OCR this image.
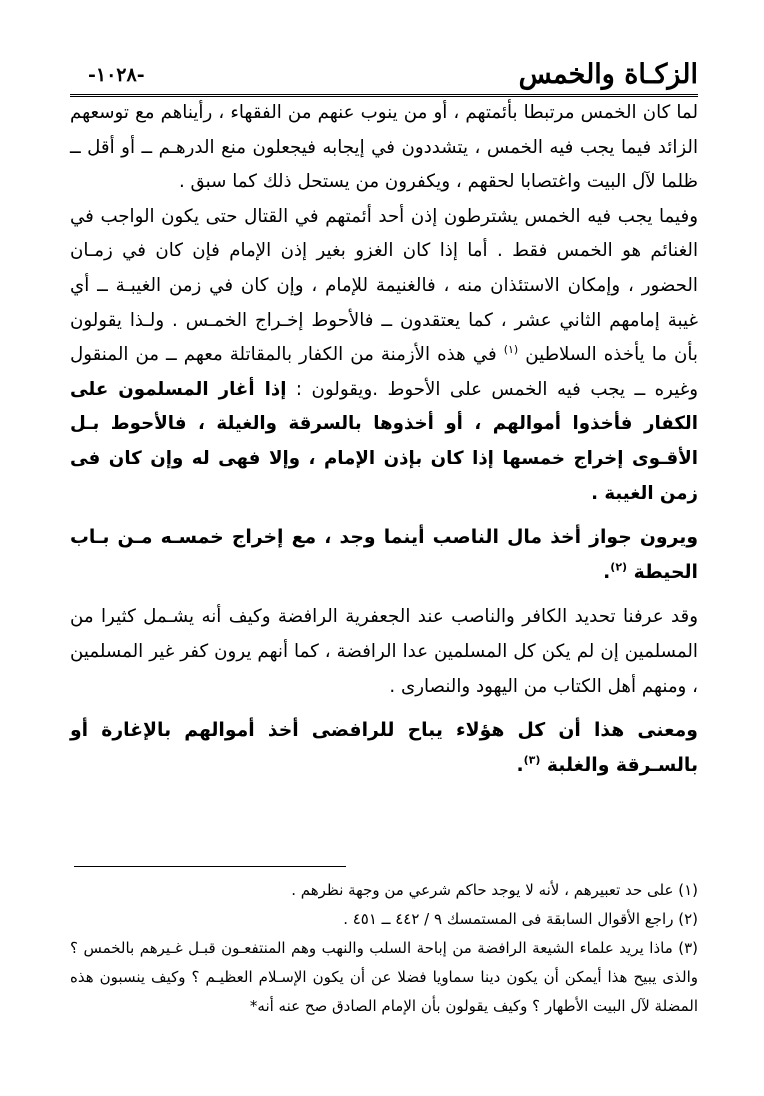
الزكـاة والخمس
-١٠٢٨-

لما كان الخمس مرتبطا بأئمتهم ، أو من ينوب عنهم من الفقهاء ، رأيناهم مع توسعهم الزائد فيما يجب فيه الخمس ، يتشددون في إيجابه فيجعلون منع الدرهـم ــ أو أقل ــ ظلما لآل البيت واغتصابا لحقهم ، ويكفرون من يستحل ذلك كما سبق .

وفيما يجب فيه الخمس يشترطون إذن أحد أئمتهم في القتال حتى يكون الواجب في الغنائم هو الخمس فقط . أما إذا كان الغزو بغير إذن الإمام فإن كان في زمـان الحضور ، وإمكان الاستئذان منه ، فالغنيمة للإمام ، وإن كان في زمن الغيبـة ــ أي غيبة إمامهم الثاني عشر ، كما يعتقدون ــ فالأحوط إخـراج الخمـس . ولـذا يقولون بأن ما يأخذه السلاطين $^{(١)}$ في هذه الأزمنة من الكفار بالمقاتلة معهم ــ من المنقول وغيره ــ يجب فيه الخمس على الأحوط .ويقولون : إذا أغار المسلمون على الكفار فأخذوا أموالهم ، أو أخذوها بالسرقة والغيلة ، فالأحوط بـل الأقـوى إخراج خمسها إذا كان بإذن الإمام ، وإلا فهى له وإن كان فى زمن الغيبة .

ويرون جواز أخذ مال الناصب أينما وجد ، مع إخراج خمسـه مـن بـاب الحيطة $^{(٢)}$.

وقد عرفنا تحديد الكافر والناصب عند الجعفرية الرافضة وكيف أنه يشـمل كثيرا من المسلمين إن لم يكن كل المسلمين عدا الرافضة ، كما أنهم يرون كفر غير المسلمين ، ومنهم أهل الكتاب من اليهود والنصارى .

ومعنى هذا أن كل هؤلاء يباح للرافضى أخذ أموالهم بالإغارة أو بالسـرقة والغلبة $^{(٣)}$.

(١) على حد تعبيرهم ، لأنه لا يوجد حاكم شرعي من وجهة نظرهم .

(٢) راجع الأقوال السابقة فى المستمسك ٩ / ٤٤٢ ــ ٤٥١ .

(٣) ماذا يريد علماء الشيعة الرافضة من إباحة السلب والنهب وهم المنتفعـون قبـل غـيرهم بالخمس ؟ والذى يبيح هذا أيمكن أن يكون دينا سماويا فضلا عن أن يكون الإسـلام العظيـم ؟ وكيف ينسبون هذه المضلة لآل البيت الأطهار ؟ وكيف يقولون بأن الإمام الصادق صح عنه أنه*
